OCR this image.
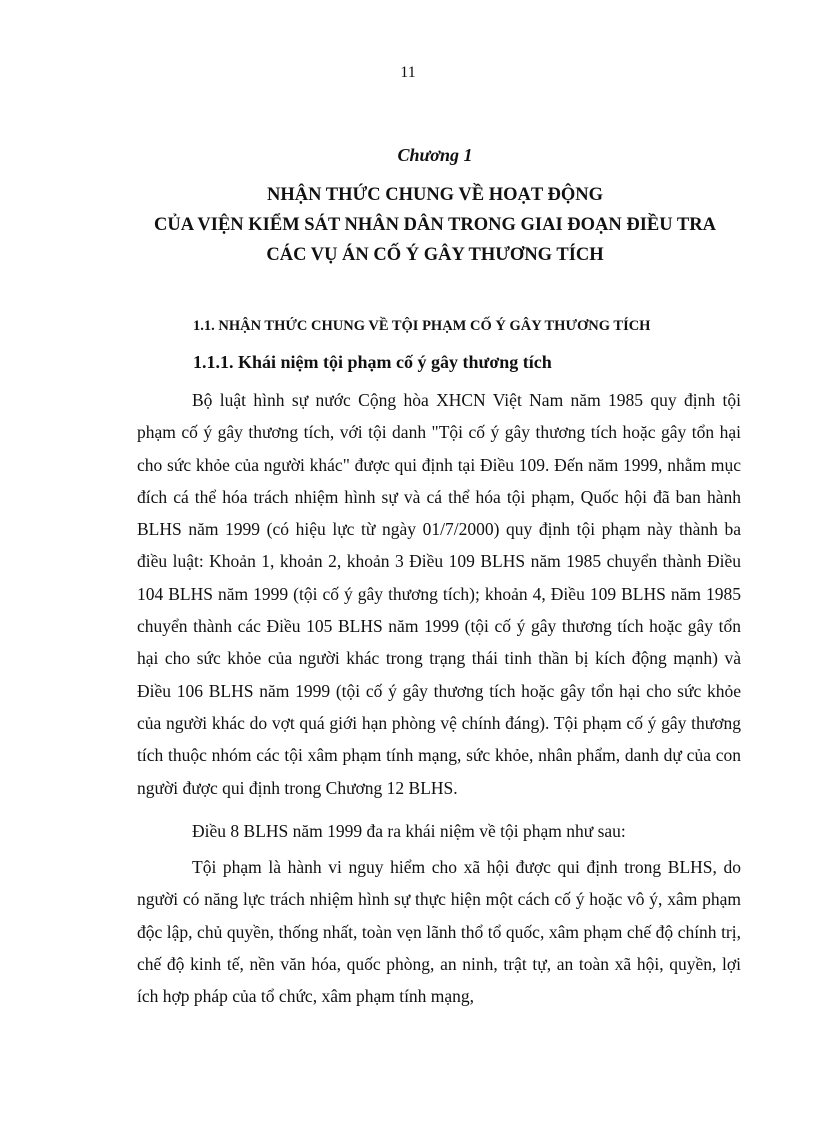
11
Chương 1
NHẬN THỨC CHUNG VỀ HOẠT ĐỘNG
CỦA VIỆN KIỂM SÁT NHÂN DÂN TRONG GIAI ĐOẠN ĐIỀU TRA
CÁC VỤ ÁN CỐ Ý GÂY THƯƠNG TÍCH
1.1. NHẬN THỨC CHUNG VỀ TỘI PHẠM CỐ Ý GÂY THƯƠNG TÍCH
1.1.1. Khái niệm tội phạm cố ý gây thương tích

Bộ luật hình sự nước Cộng hòa XHCN Việt Nam năm 1985 quy định tội phạm cố ý gây thương tích, với tội danh "Tội cố ý gây thương tích hoặc gây tổn hại cho sức khỏe của người khác" được qui định tại Điều 109. Đến năm 1999, nhằm mục đích cá thể hóa trách nhiệm hình sự và cá thể hóa tội phạm, Quốc hội đã ban hành BLHS năm 1999 (có hiệu lực từ ngày 01/7/2000) quy định tội phạm này thành ba điều luật: Khoản 1, khoản 2, khoản 3 Điều 109 BLHS năm 1985 chuyển thành Điều 104 BLHS năm 1999 (tội cố ý gây thương tích); khoản 4, Điều 109 BLHS năm 1985 chuyển thành các Điều 105 BLHS năm 1999 (tội cố ý gây thương tích hoặc gây tổn hại cho sức khỏe của người khác trong trạng thái tinh thần bị kích động mạnh) và Điều 106 BLHS năm 1999 (tội cố ý gây thương tích hoặc gây tổn hại cho sức khỏe của người khác do vợt quá giới hạn phòng vệ chính đáng). Tội phạm cố ý gây thương tích thuộc nhóm các tội xâm phạm tính mạng, sức khỏe, nhân phẩm, danh dự của con người được qui định trong Chương 12 BLHS.

Điều 8 BLHS năm 1999 đa ra khái niệm về tội phạm như sau:

Tội phạm là hành vi nguy hiểm cho xã hội được qui định trong BLHS, do người có năng lực trách nhiệm hình sự thực hiện một cách cố ý hoặc vô ý, xâm phạm độc lập, chủ quyền, thống nhất, toàn vẹn lãnh thổ tổ quốc, xâm phạm chế độ chính trị, chế độ kinh tế, nền văn hóa, quốc phòng, an ninh, trật tự, an toàn xã hội, quyền, lợi ích hợp pháp của tổ chức, xâm phạm tính mạng,
